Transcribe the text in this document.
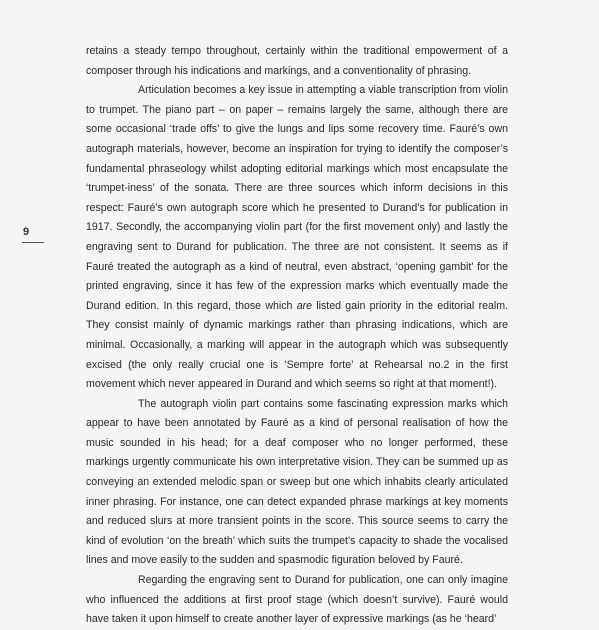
9

retains a steady tempo throughout, certainly within the traditional empowerment of a composer through his indications and markings, and a conventionality of phrasing.

Articulation becomes a key issue in attempting a viable transcription from violin to trumpet. The piano part – on paper – remains largely the same, although there are some occasional ‘trade offs’ to give the lungs and lips some recovery time. Fauré’s own autograph materials, however, become an inspiration for trying to identify the composer’s fundamental phraseology whilst adopting editorial markings which most encapsulate the ‘trumpet-iness’ of the sonata. There are three sources which inform decisions in this respect: Fauré’s own autograph score which he presented to Durand’s for publication in 1917. Secondly, the accompanying violin part (for the first movement only) and lastly the engraving sent to Durand for publication. The three are not consistent. It seems as if Fauré treated the autograph as a kind of neutral, even abstract, ‘opening gambit’ for the printed engraving, since it has few of the expression marks which eventually made the Durand edition. In this regard, those which are listed gain priority in the editorial realm. They consist mainly of dynamic markings rather than phrasing indications, which are minimal. Occasionally, a marking will appear in the autograph which was subsequently excised (the only really crucial one is ‘Sempre forte’ at Rehearsal no.2 in the first movement which never appeared in Durand and which seems so right at that moment!).

The autograph violin part contains some fascinating expression marks which appear to have been annotated by Fauré as a kind of personal realisation of how the music sounded in his head; for a deaf composer who no longer performed, these markings urgently communicate his own interpretative vision. They can be summed up as conveying an extended melodic span or sweep but one which inhabits clearly articulated inner phrasing. For instance, one can detect expanded phrase markings at key moments and reduced slurs at more transient points in the score. This source seems to carry the kind of evolution ‘on the breath’ which suits the trumpet’s capacity to shade the vocalised lines and move easily to the sudden and spasmodic figuration beloved by Fauré.

Regarding the engraving sent to Durand for publication, one can only imagine who influenced the additions at first proof stage (which doesn’t survive). Fauré would have taken it upon himself to create another layer of expressive markings (as he ‘heard’
